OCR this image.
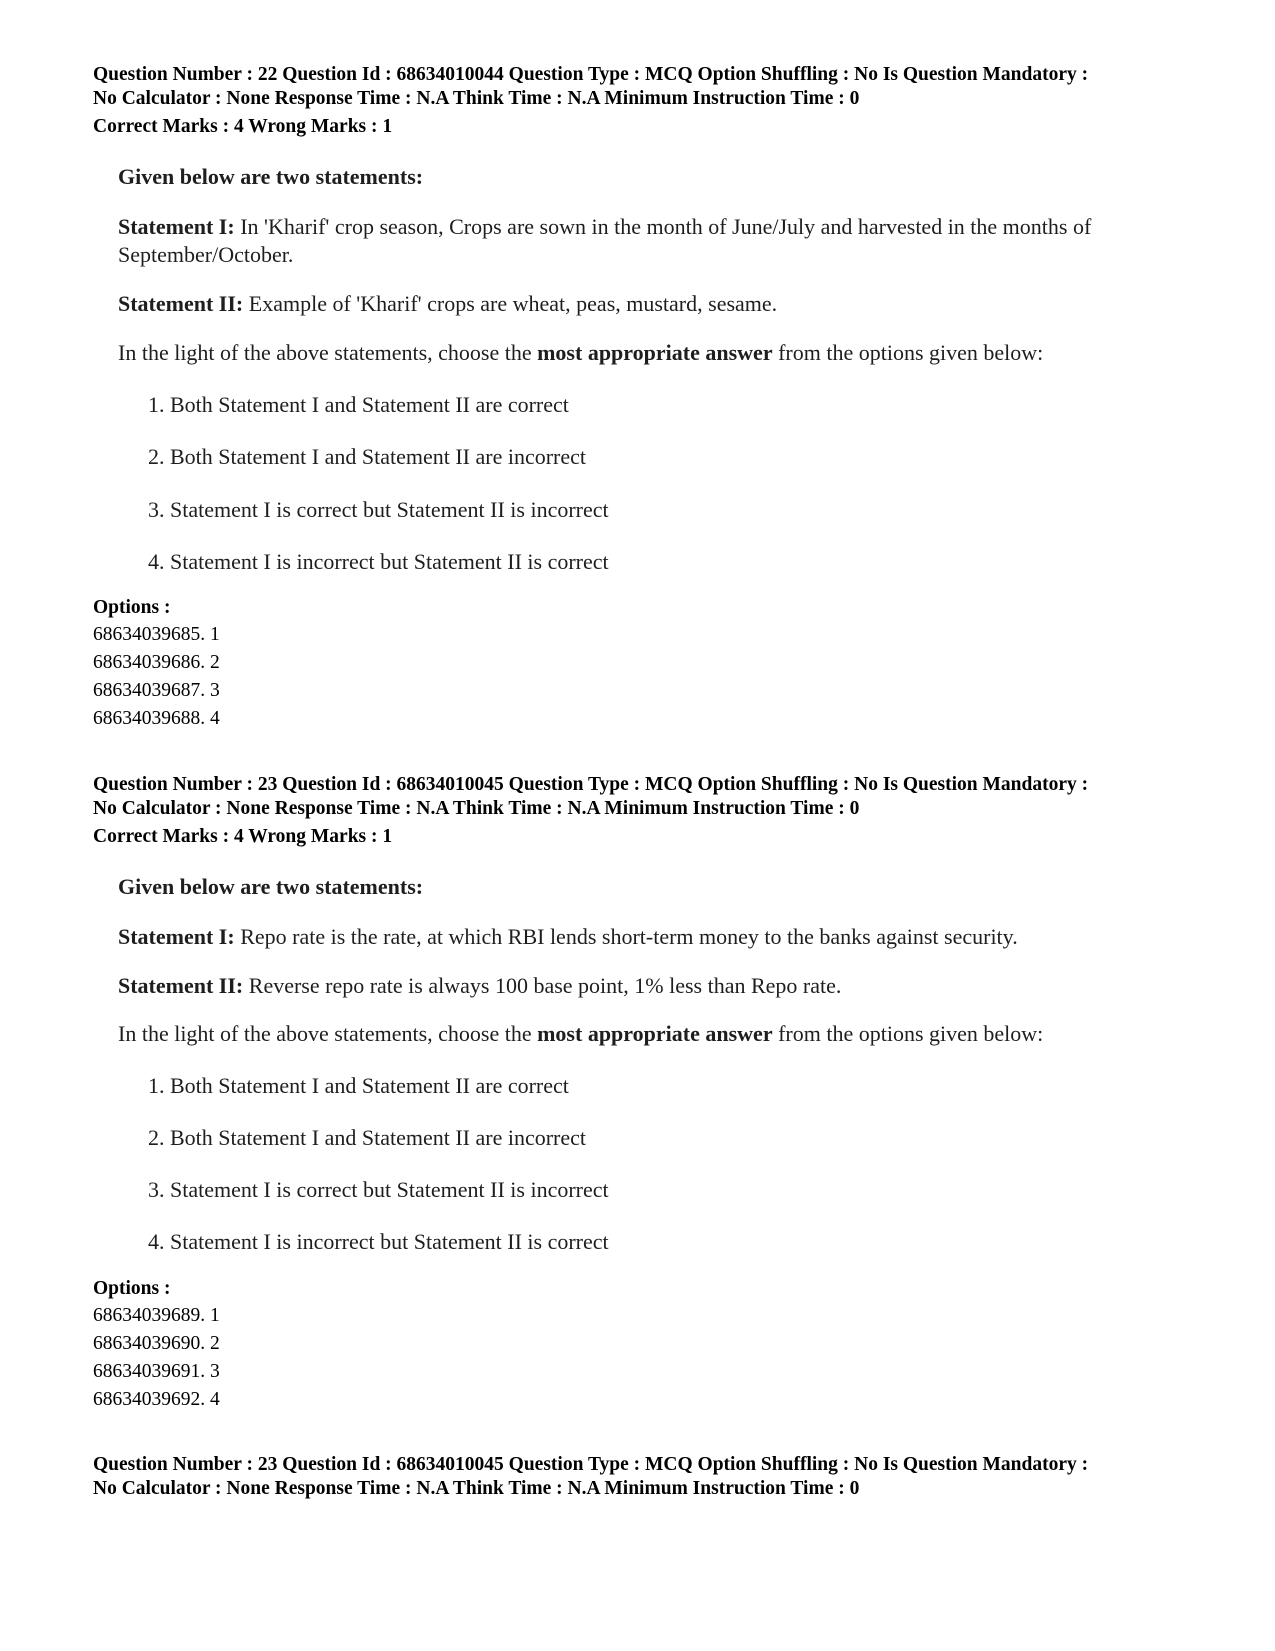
Question Number : 22 Question Id : 68634010044 Question Type : MCQ Option Shuffling : No Is Question Mandatory :
No Calculator : None Response Time : N.A Think Time : N.A Minimum Instruction Time : 0
Correct Marks : 4 Wrong Marks : 1
Given below are two statements:
Statement I: In 'Kharif' crop season, Crops are sown in the month of June/July and harvested in the months of September/October.
Statement II: Example of 'Kharif' crops are wheat, peas, mustard, sesame.
In the light of the above statements, choose the most appropriate answer from the options given below:
1. Both Statement I and Statement II are correct
2. Both Statement I and Statement II are incorrect
3. Statement I is correct but Statement II is incorrect
4. Statement I is incorrect but Statement II is correct
Options :
68634039685. 1
68634039686. 2
68634039687. 3
68634039688. 4
Question Number : 23 Question Id : 68634010045 Question Type : MCQ Option Shuffling : No Is Question Mandatory :
No Calculator : None Response Time : N.A Think Time : N.A Minimum Instruction Time : 0
Correct Marks : 4 Wrong Marks : 1
Given below are two statements:
Statement I: Repo rate is the rate, at which RBI lends short-term money to the banks against security.
Statement II: Reverse repo rate is always 100 base point, 1% less than Repo rate.
In the light of the above statements, choose the most appropriate answer from the options given below:
1. Both Statement I and Statement II are correct
2. Both Statement I and Statement II are incorrect
3. Statement I is correct but Statement II is incorrect
4. Statement I is incorrect but Statement II is correct
Options :
68634039689. 1
68634039690. 2
68634039691. 3
68634039692. 4
Question Number : 23 Question Id : 68634010045 Question Type : MCQ Option Shuffling : No Is Question Mandatory :
No Calculator : None Response Time : N.A Think Time : N.A Minimum Instruction Time : 0
